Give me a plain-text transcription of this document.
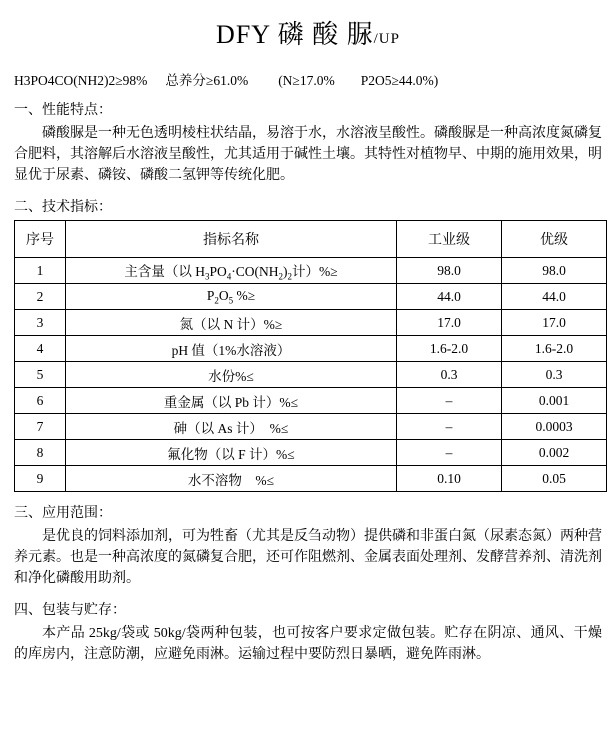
DFY 磷 酸 脲/UP
H3PO4CO(NH2)2≥98% 总养分≥61.0% (N≥17.0% P2O5≥44.0%)
一、性能特点：
磷酸脲是一种无色透明棱柱状结晶，易溶于水，水溶液呈酸性。磷酸脲是一种高浓度氮磷复合肥料，其溶解后水溶液呈酸性，尤其适用于碱性土壤。其特性对植物早、中期的施用效果，明显优于尿素、磷铵、磷酸二氢钾等传统化肥。
二、技术指标：
序号	指标名称	工业级	优级
1	主含量（以 $H_3PO_4\cdot CO(NH_2)_2$计）%≥	98.0	98.0
2	$P_2O_5$ %≥	44.0	44.0
3	氮（以 N 计）%≥	17.0	17.0
4	pH 值（1%水溶液）	1.6-2.0	1.6-2.0
5	水份%≤	0.3	0.3
6	重金属（以 Pb 计）%≤	–	0.001
7	砷（以 As 计）　%≤	–	0.0003
8	氟化物（以 F 计）%≤	–	0.002
9	水不溶物　%≤	0.10	0.05
三、应用范围：
是优良的饲料添加剂，可为牲畜（尤其是反刍动物）提供磷和非蛋白氮（尿素态氮）两种营养元素。也是一种高浓度的氮磷复合肥，还可作阻燃剂、金属表面处理剂、发酵营养剂、清洗剂和净化磷酸用助剂。
四、包装与贮存：
本产品 25kg/袋或 50kg/袋两种包装，也可按客户要求定做包装。贮存在阴凉、通风、干燥的库房内，注意防潮，应避免雨淋。运输过程中要防烈日暴晒，避免阵雨淋。
